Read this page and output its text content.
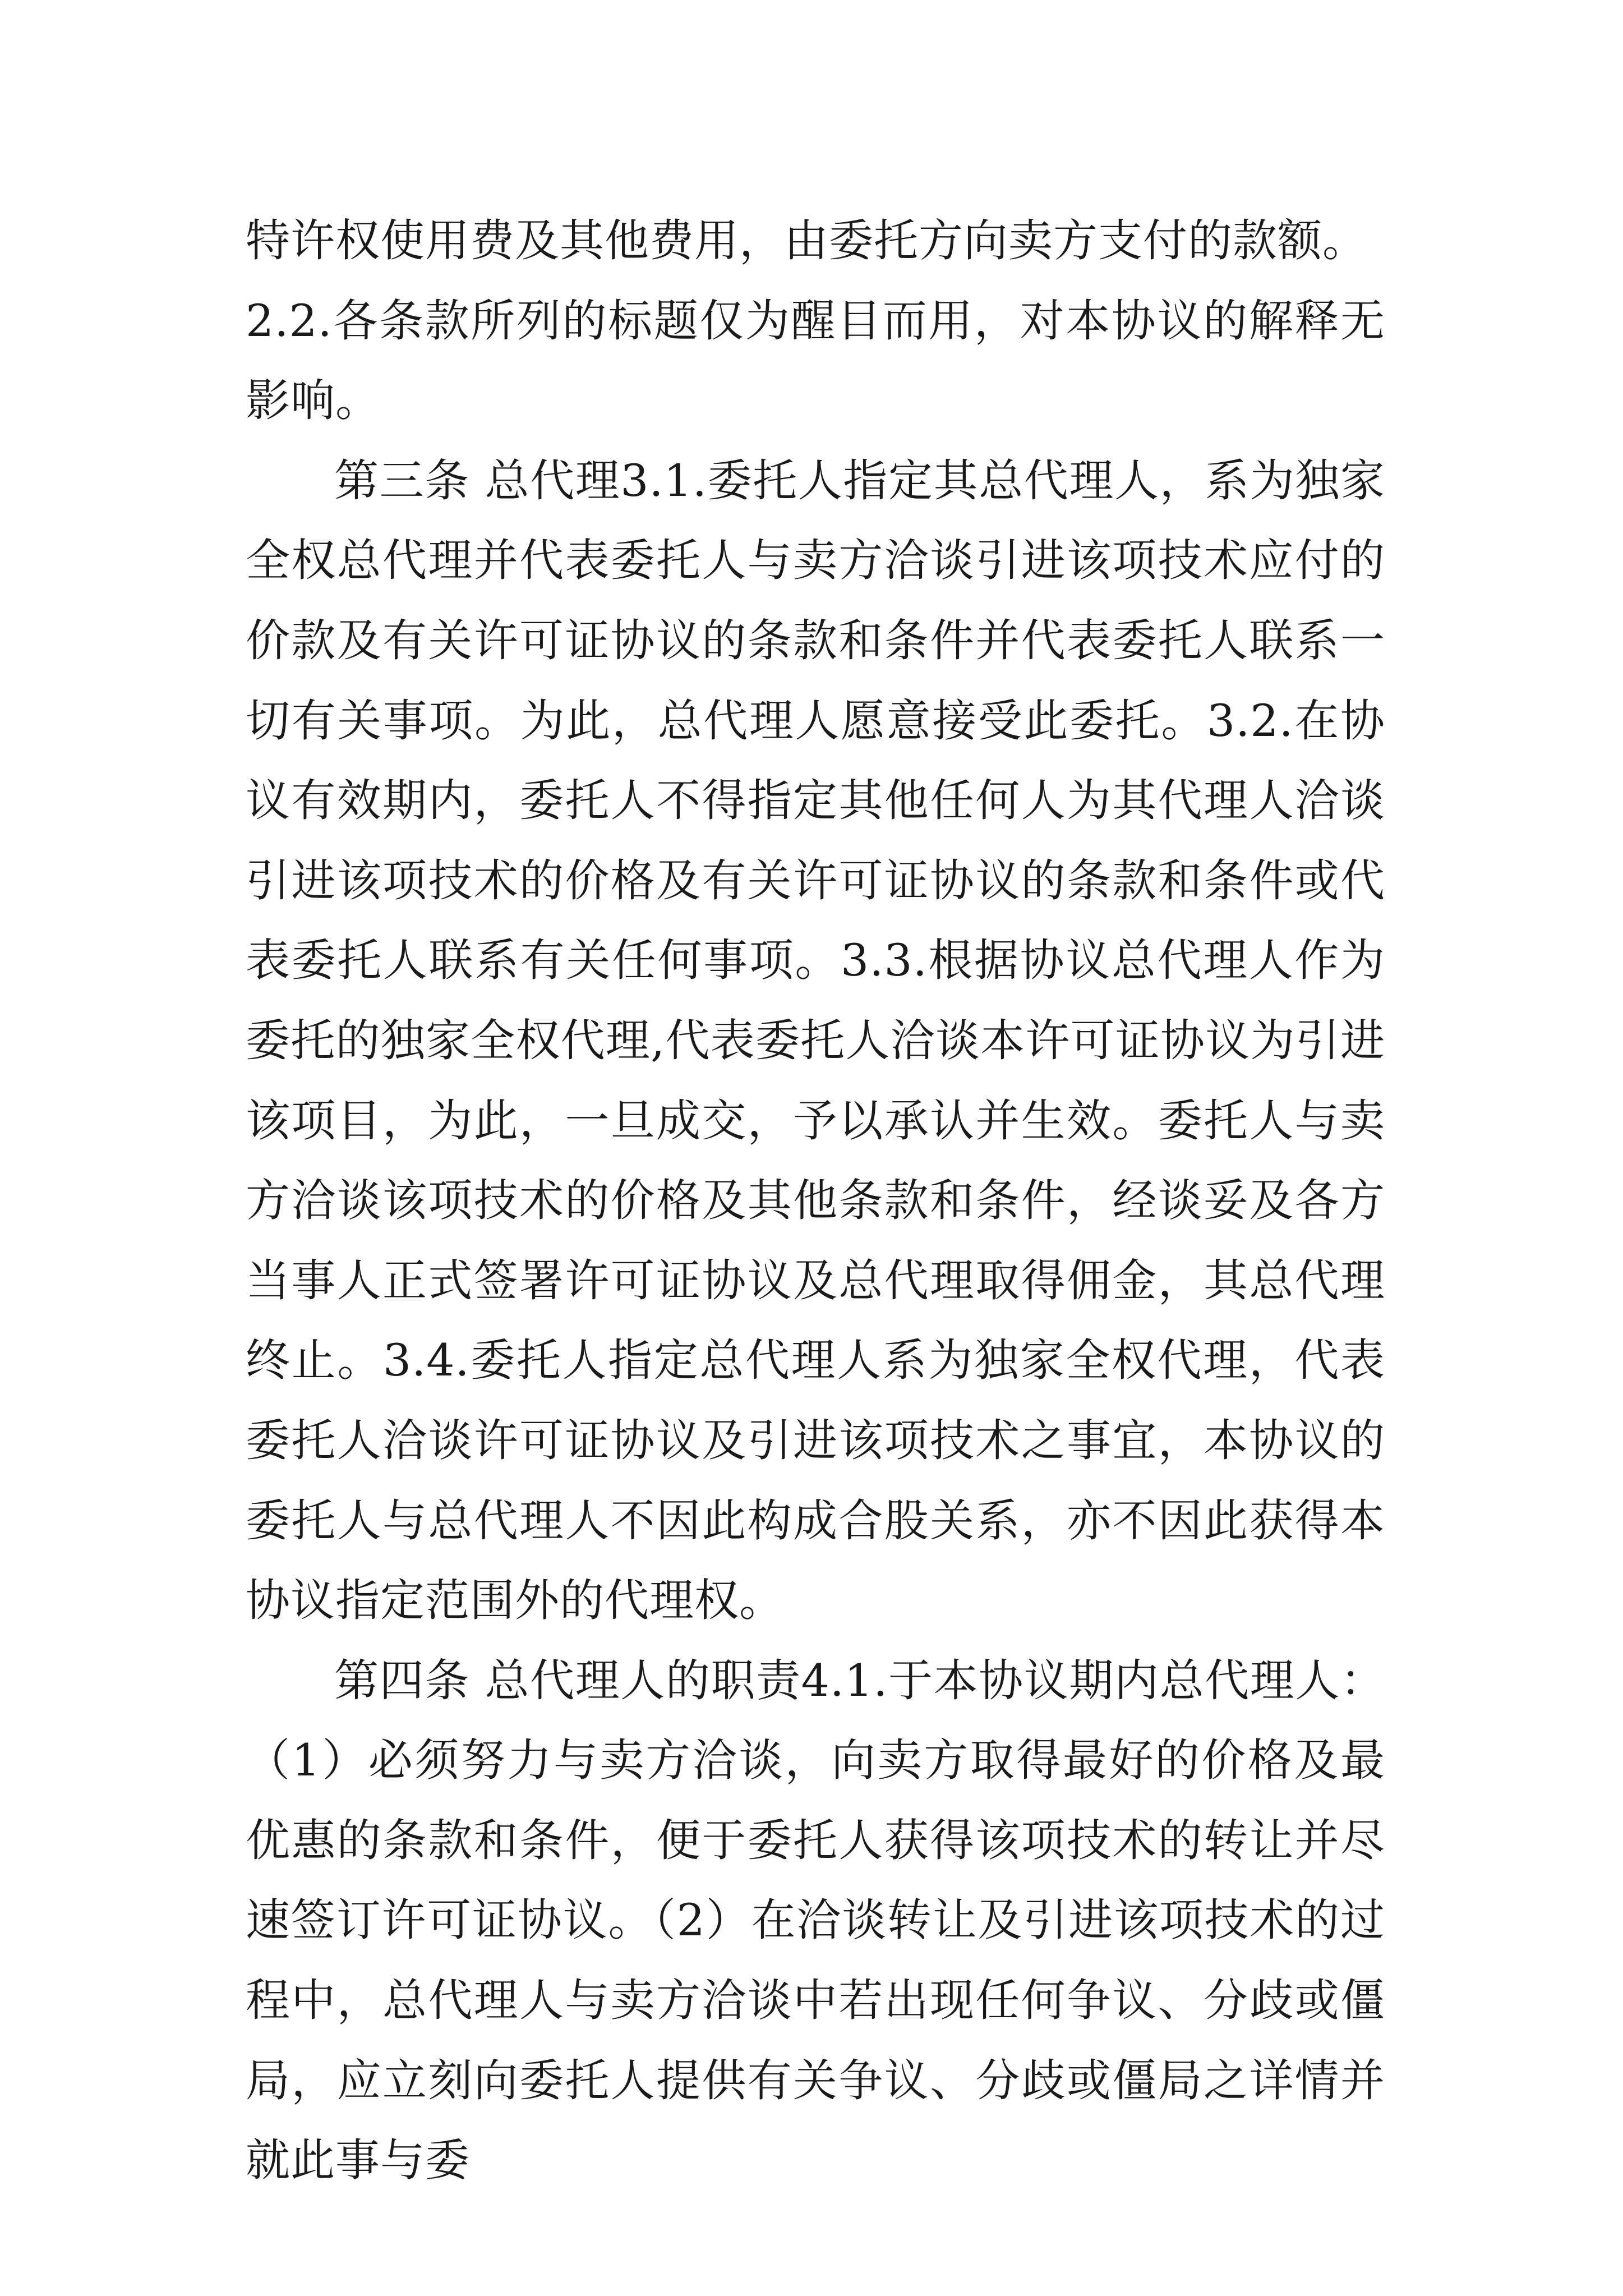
特许权使用费及其他费用，由委托方向卖方支付的款额。

2.2.各条款所列的标题仅为醒目而用，对本协议的解释无影响。

第三条 总代理3.1.委托人指定其总代理人，系为独家全权总代理并代表委托人与卖方洽谈引进该项技术应付的价款及有关许可证协议的条款和条件并代表委托人联系一切有关事项。为此，总代理人愿意接受此委托。3.2.在协议有效期内，委托人不得指定其他任何人为其代理人洽谈引进该项技术的价格及有关许可证协议的条款和条件或代表委托人联系有关任何事项。3.3.根据协议总代理人作为委托的独家全权代理,代表委托人洽谈本许可证协议为引进该项目，为此，一旦成交，予以承认并生效。委托人与卖方洽谈该项技术的价格及其他条款和条件，经谈妥及各方当事人正式签署许可证协议及总代理取得佣金，其总代理终止。3.4.委托人指定总代理人系为独家全权代理，代表委托人洽谈许可证协议及引进该项技术之事宜，本协议的委托人与总代理人不因此构成合股关系，亦不因此获得本协议指定范围外的代理权。

第四条 总代理人的职责4.1.于本协议期内总代理人：（1）必须努力与卖方洽谈，向卖方取得最好的价格及最优惠的条款和条件，便于委托人获得该项技术的转让并尽速签订许可证协议。（2）在洽谈转让及引进该项技术的过程中，总代理人与卖方洽谈中若出现任何争议、分歧或僵局，应立刻向委托人提供有关争议、分歧或僵局之详情并就此事与委
